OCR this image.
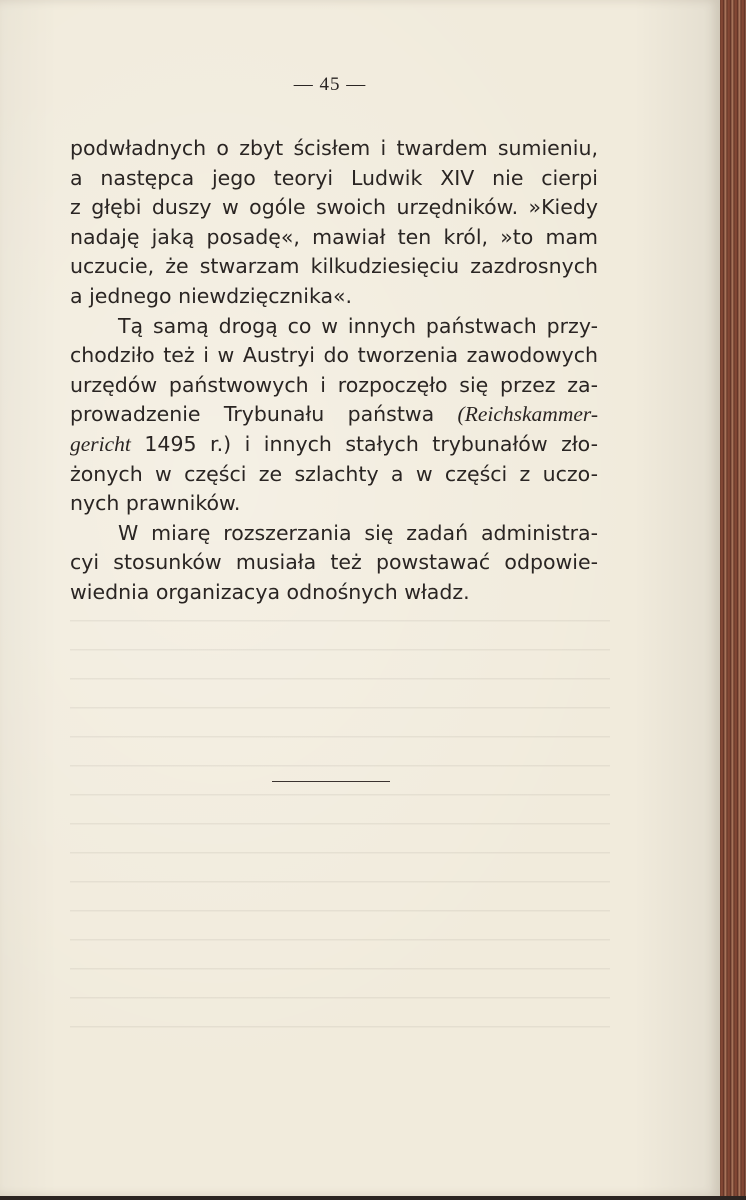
— 45 —
podwładnych o zbyt ścisłem i twardem sumieniu,
a następca jego teoryi Ludwik XIV nie cierpi
z głębi duszy w ogóle swoich urzędników. »Kiedy
nadaję jaką posadę«, mawiał ten król, »to mam
uczucie, że stwarzam kilkudziesięciu zazdrosnych
a jednego niewdzięcznika«.
Tą samą drogą co w innych państwach przy-
chodziło też i w Austryi do tworzenia zawodowych
urzędów państwowych i rozpoczęło się przez za-
prowadzenie Trybunału państwa (Reichskammer-
gericht 1495 r.) i innych stałych trybunałów zło-
żonych w części ze szlachty a w części z uczo-
nych prawników.
W miarę rozszerzania się zadań administra-
cyi stosunków musiała też powstawać odpowie-
wiednia organizacya odnośnych władz.
